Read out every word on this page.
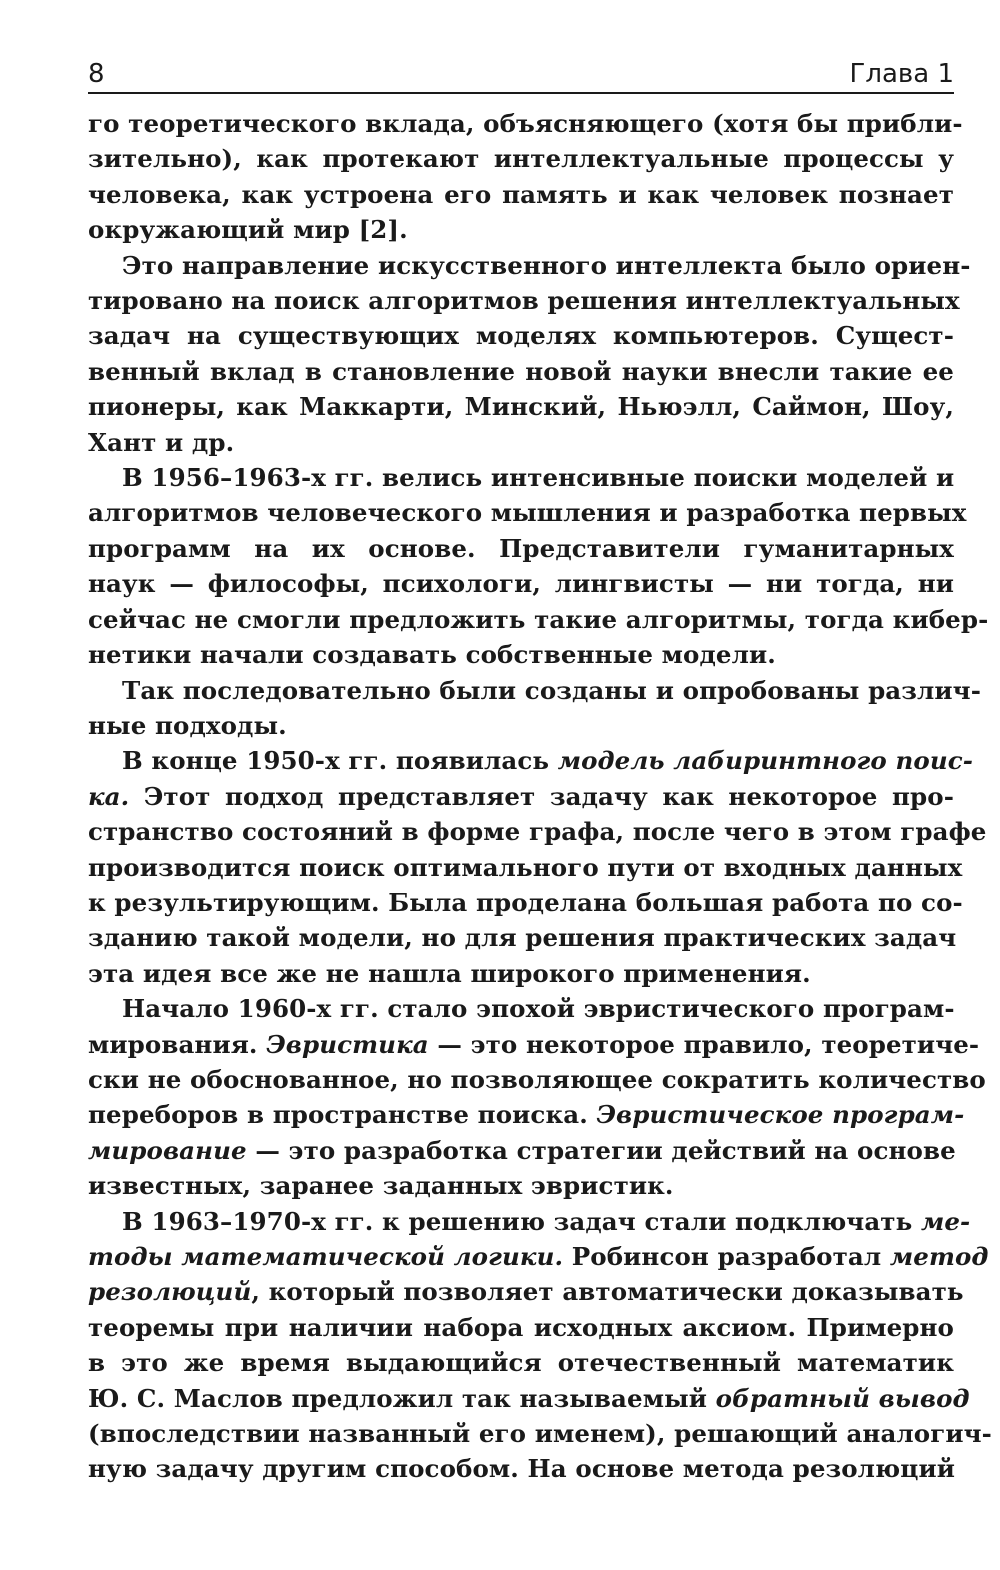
8	Глава 1

го теоретического вклада, объясняющего (хотя бы прибли-
зительно), как протекают интеллектуальные процессы у
человека, как устроена его память и как человек познает
окружающий мир [2].

Это направление искусственного интеллекта было ориен-
тировано на поиск алгоритмов решения интеллектуальных
задач на существующих моделях компьютеров. Сущест-
венный вклад в становление новой науки внесли такие ее
пионеры, как Маккарти, Минский, Ньюэлл, Саймон, Шоу,
Хант и др.

В 1956–1963-х гг. велись интенсивные поиски моделей и
алгоритмов человеческого мышления и разработка первых
программ на их основе. Представители гуманитарных
наук — философы, психологи, лингвисты — ни тогда, ни
сейчас не смогли предложить такие алгоритмы, тогда кибер-
нетики начали создавать собственные модели.

Так последовательно были созданы и опробованы различ-
ные подходы.

В конце 1950-х гг. появилась модель лабиринтного поис-
ка. Этот подход представляет задачу как некоторое про-
странство состояний в форме графа, после чего в этом графе
производится поиск оптимального пути от входных данных
к результирующим. Была проделана большая работа по со-
зданию такой модели, но для решения практических задач
эта идея все же не нашла широкого применения.

Начало 1960-х гг. стало эпохой эвристического програм-
мирования. Эвристика — это некоторое правило, теоретиче-
ски не обоснованное, но позволяющее сократить количество
переборов в пространстве поиска. Эвристическое програм-
мирование — это разработка стратегии действий на основе
известных, заранее заданных эвристик.

В 1963–1970-х гг. к решению задач стали подключать ме-
тоды математической логики. Робинсон разработал метод
резолюций, который позволяет автоматически доказывать
теоремы при наличии набора исходных аксиом. Примерно
в это же время выдающийся отечественный математик
Ю. С. Маслов предложил так называемый обратный вывод
(впоследствии названный его именем), решающий аналогич-
ную задачу другим способом. На основе метода резолюций
